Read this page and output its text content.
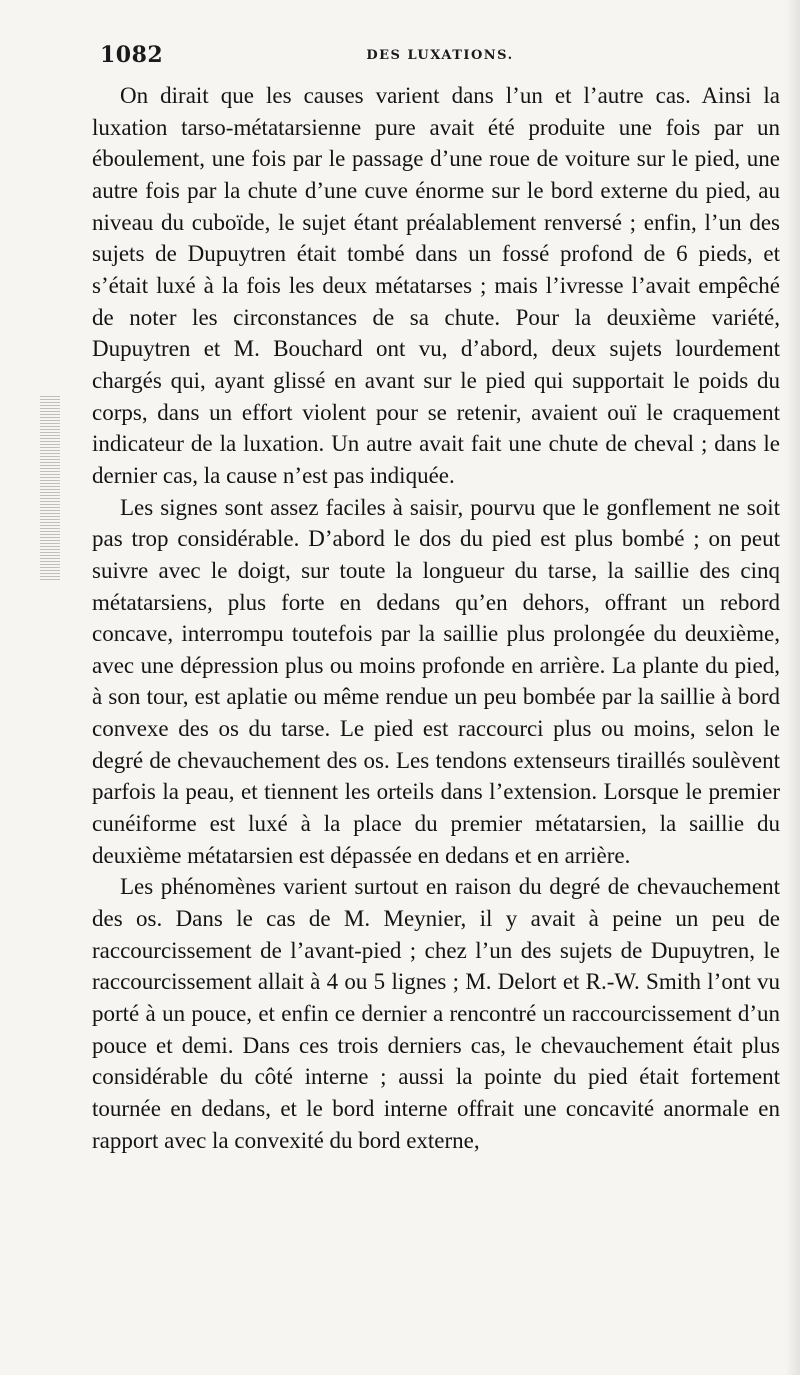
1082	DES LUXATIONS.

On dirait que les causes varient dans l’un et l’autre cas. Ainsi la luxation tarso-métatarsienne pure avait été produite une fois par un éboulement, une fois par le passage d’une roue de voiture sur le pied, une autre fois par la chute d’une cuve énorme sur le bord externe du pied, au niveau du cuboïde, le sujet étant préalablement renversé ; enfin, l’un des sujets de Dupuytren était tombé dans un fossé profond de 6 pieds, et s’était luxé à la fois les deux métatarses ; mais l’ivresse l’avait empêché de noter les circonstances de sa chute. Pour la deuxième variété, Dupuytren et M. Bouchard ont vu, d’abord, deux sujets lourdement chargés qui, ayant glissé en avant sur le pied qui supportait le poids du corps, dans un effort violent pour se retenir, avaient ouï le craquement indicateur de la luxation. Un autre avait fait une chute de cheval ; dans le dernier cas, la cause n’est pas indiquée.

Les signes sont assez faciles à saisir, pourvu que le gonflement ne soit pas trop considérable. D’abord le dos du pied est plus bombé ; on peut suivre avec le doigt, sur toute la longueur du tarse, la saillie des cinq métatarsiens, plus forte en dedans qu’en dehors, offrant un rebord concave, interrompu toutefois par la saillie plus prolongée du deuxième, avec une dépression plus ou moins profonde en arrière. La plante du pied, à son tour, est aplatie ou même rendue un peu bombée par la saillie à bord convexe des os du tarse. Le pied est raccourci plus ou moins, selon le degré de chevauchement des os. Les tendons extenseurs tiraillés soulèvent parfois la peau, et tiennent les orteils dans l’extension. Lorsque le premier cunéiforme est luxé à la place du premier métatarsien, la saillie du deuxième métatarsien est dépassée en dedans et en arrière.

Les phénomènes varient surtout en raison du degré de chevauchement des os. Dans le cas de M. Meynier, il y avait à peine un peu de raccourcissement de l’avant-pied ; chez l’un des sujets de Dupuytren, le raccourcissement allait à 4 ou 5 lignes ; M. Delort et R.-W. Smith l’ont vu porté à un pouce, et enfin ce dernier a rencontré un raccourcissement d’un pouce et demi. Dans ces trois derniers cas, le chevauchement était plus considérable du côté interne ; aussi la pointe du pied était fortement tournée en dedans, et le bord interne offrait une concavité anormale en rapport avec la convexité du bord externe,
